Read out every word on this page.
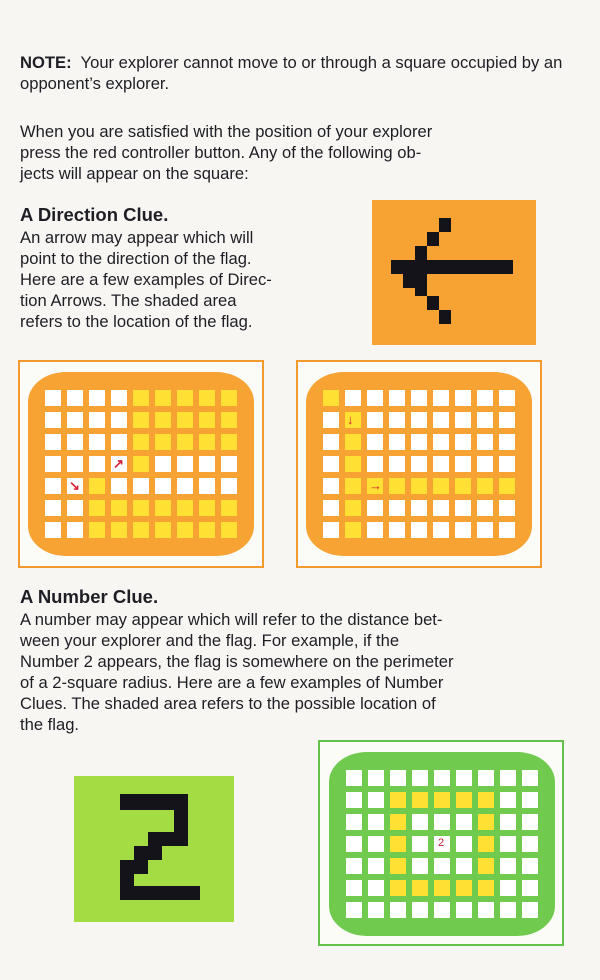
NOTE: Your explorer cannot move to or through a square occupied by an opponent’s explorer.

When you are satisfied with the position of your explorer

press the red controller button. Any of the following ob-

jects will appear on the square:

A Direction Clue.

An arrow may appear which will
point to the direction of the flag.
Here are a few examples of Direc-
tion Arrows. The shaded area
refers to the location of the flag.

↗
↘
↓
→
A Number Clue.

A number may appear which will refer to the distance bet-

ween your explorer and the flag. For example, if the

Number 2 appears, the flag is somewhere on the perimeter

of a 2-square radius. Here are a few examples of Number

Clues. The shaded area refers to the possible location of

the flag.

2
